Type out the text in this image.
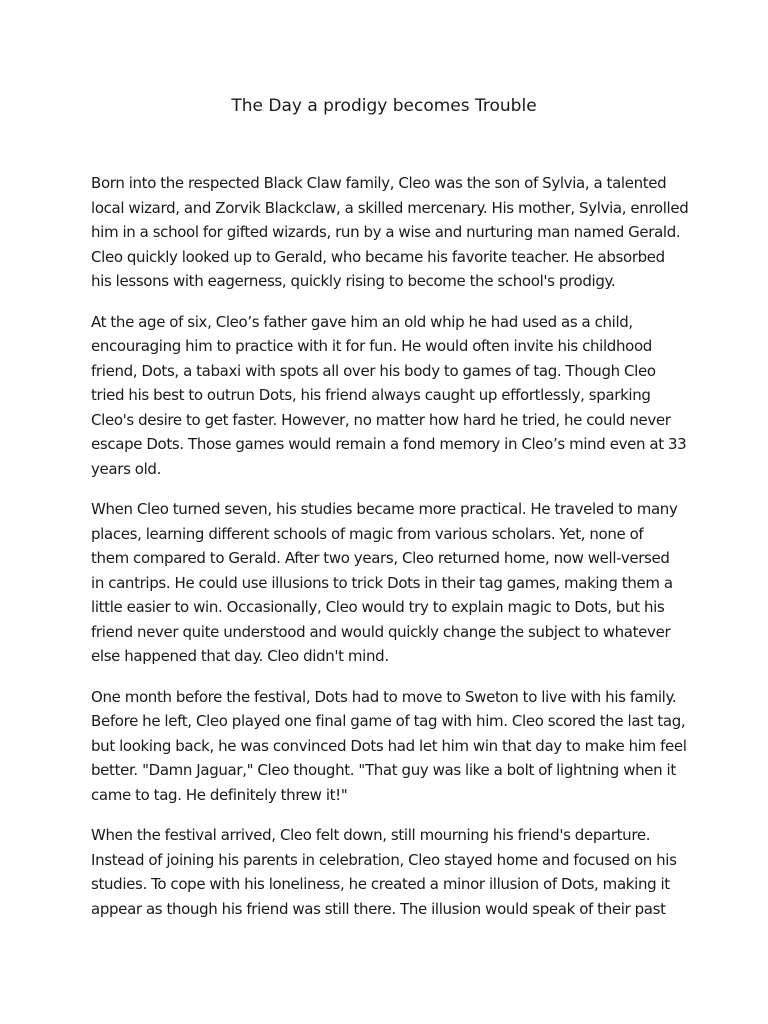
The Day a prodigy becomes Trouble

Born into the respected Black Claw family, Cleo was the son of Sylvia, a talented
local wizard, and Zorvik Blackclaw, a skilled mercenary. His mother, Sylvia, enrolled
him in a school for gifted wizards, run by a wise and nurturing man named Gerald.
Cleo quickly looked up to Gerald, who became his favorite teacher. He absorbed
his lessons with eagerness, quickly rising to become the school's prodigy.

At the age of six, Cleo’s father gave him an old whip he had used as a child,
encouraging him to practice with it for fun. He would often invite his childhood
friend, Dots, a tabaxi with spots all over his body to games of tag. Though Cleo
tried his best to outrun Dots, his friend always caught up effortlessly, sparking
Cleo's desire to get faster. However, no matter how hard he tried, he could never
escape Dots. Those games would remain a fond memory in Cleo’s mind even at 33
years old.

When Cleo turned seven, his studies became more practical. He traveled to many
places, learning different schools of magic from various scholars. Yet, none of
them compared to Gerald. After two years, Cleo returned home, now well-versed
in cantrips. He could use illusions to trick Dots in their tag games, making them a
little easier to win. Occasionally, Cleo would try to explain magic to Dots, but his
friend never quite understood and would quickly change the subject to whatever
else happened that day. Cleo didn't mind.

One month before the festival, Dots had to move to Sweton to live with his family.
Before he left, Cleo played one final game of tag with him. Cleo scored the last tag,
but looking back, he was convinced Dots had let him win that day to make him feel
better. "Damn Jaguar," Cleo thought. "That guy was like a bolt of lightning when it
came to tag. He definitely threw it!"

When the festival arrived, Cleo felt down, still mourning his friend's departure.
Instead of joining his parents in celebration, Cleo stayed home and focused on his
studies. To cope with his loneliness, he created a minor illusion of Dots, making it
appear as though his friend was still there. The illusion would speak of their past
